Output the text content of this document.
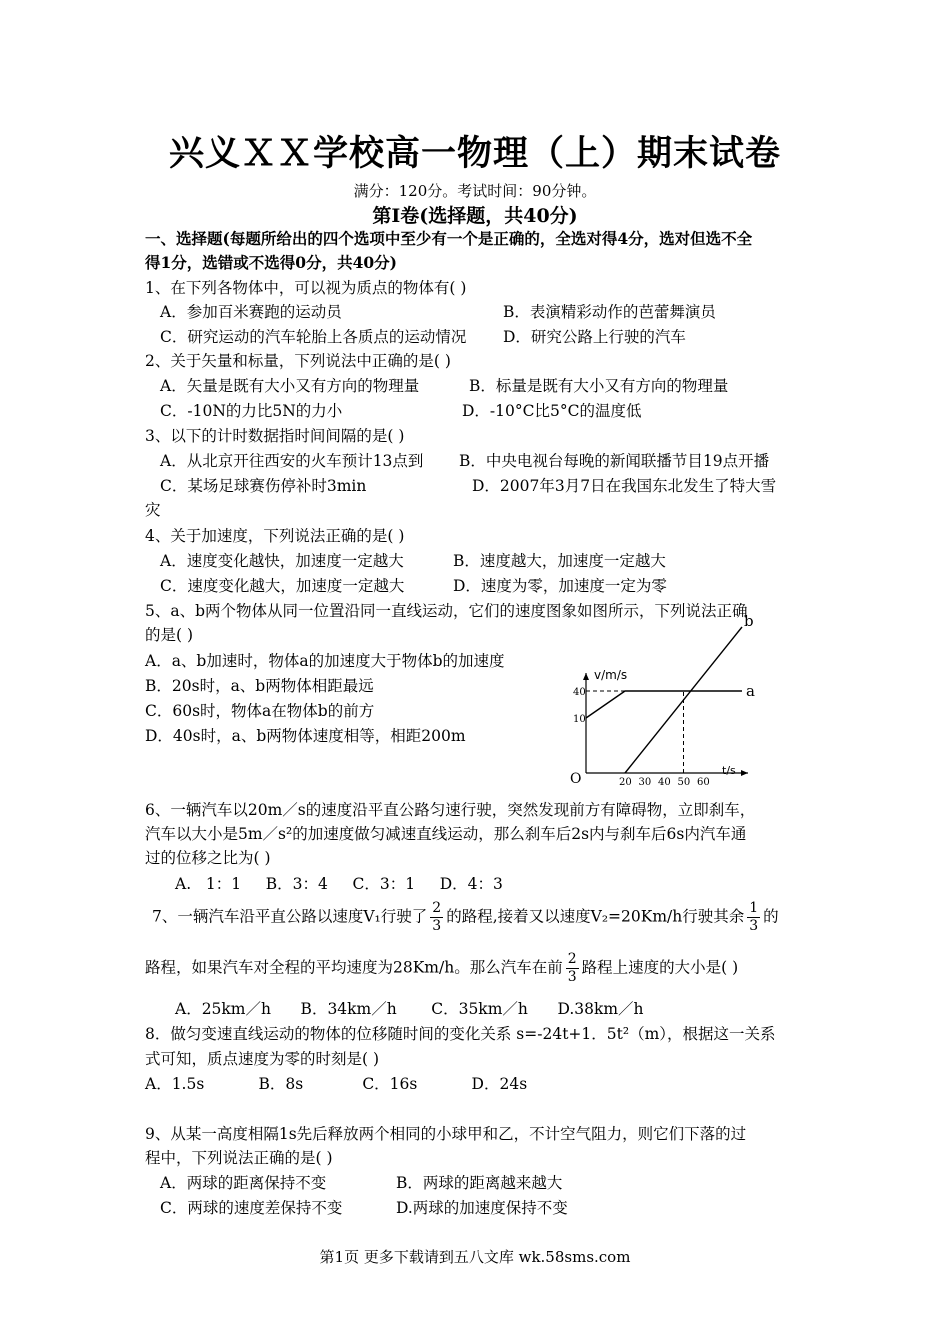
兴义ＸＸ学校高一物理（上）期末试卷
满分：120分。考试时间：90分钟。
第Ⅰ卷(选择题，共40分)
一、选择题(每题所给出的四个选项中至少有一个是正确的，全选对得4分，选对但选不全
得1分，选错或不选得0分，共40分)
1、在下列各物体中，可以视为质点的物体有( )
A．参加百米赛跑的运动员	B．表演精彩动作的芭蕾舞演员
C．研究运动的汽车轮胎上各质点的运动情况 D．研究公路上行驶的汽车
2、关于矢量和标量，下列说法中正确的是( )
A．矢量是既有大小又有方向的物理量	B．标量是既有大小又有方向的物理量
C．-10N的力比5N的力小	D．-10°C比5°C的温度低
3、以下的计时数据指时间间隔的是( )
A．从北京开往西安的火车预计13点到 B．中央电视台每晚的新闻联播节目19点开播
C．某场足球赛伤停补时3min	D．2007年3月7日在我国东北发生了特大雪
灾
4、关于加速度，下列说法正确的是( )
A．速度变化越快，加速度一定越大	B．速度越大，加速度一定越大
C．速度变化越大，加速度一定越大	D．速度为零，加速度一定为零
5、a、b两个物体从同一位置沿同一直线运动，它们的速度图象如图所示，下列说法正确
的是( )
A．a、b加速时，物体a的加速度大于物体b的加速度
B．20s时，a、b两物体相距最远
C．60s时，物体a在物体b的前方
D．40s时，a、b两物体速度相等，相距200m
v/m/s
t/s
O
10
40
20 30 40 50 60
a
b
6、一辆汽车以20m／s的速度沿平直公路匀速行驶，突然发现前方有障碍物，立即刹车，
汽车以大小是5m／s²的加速度做匀减速直线运动，那么刹车后2s内与刹车后6s内汽车通
过的位移之比为( )
A.   1：1     B．3：4     C．3：1     D．4：3
7、一辆汽车沿平直公路以速度V₁行驶了 $\frac{2}{3}$ 的路程,接着又以速度V₂=20Km/h行驶其余 $\frac{1}{3}$ 的
路程，如果汽车对全程的平均速度为28Km/h。那么汽车在前 $\frac{2}{3}$ 路程上速度的大小是( )
A．25km／h      B．34km／h       C．35km／h      D.38km／h
8．做匀变速直线运动的物体的位移随时间的变化关系 s=-24t+1．5t²（m），根据这一关系
式可知，质点速度为零的时刻是( )
A．1.5s           B．8s            C．16s           D．24s
9、从某一高度相隔1s先后释放两个相同的小球甲和乙，不计空气阻力，则它们下落的过
程中，下列说法正确的是( )
A．两球的距离保持不变	B．两球的距离越来越大
C．两球的速度差保持不变	D.两球的加速度保持不变
第1页 更多下载请到五八文库 wk.58sms.com
